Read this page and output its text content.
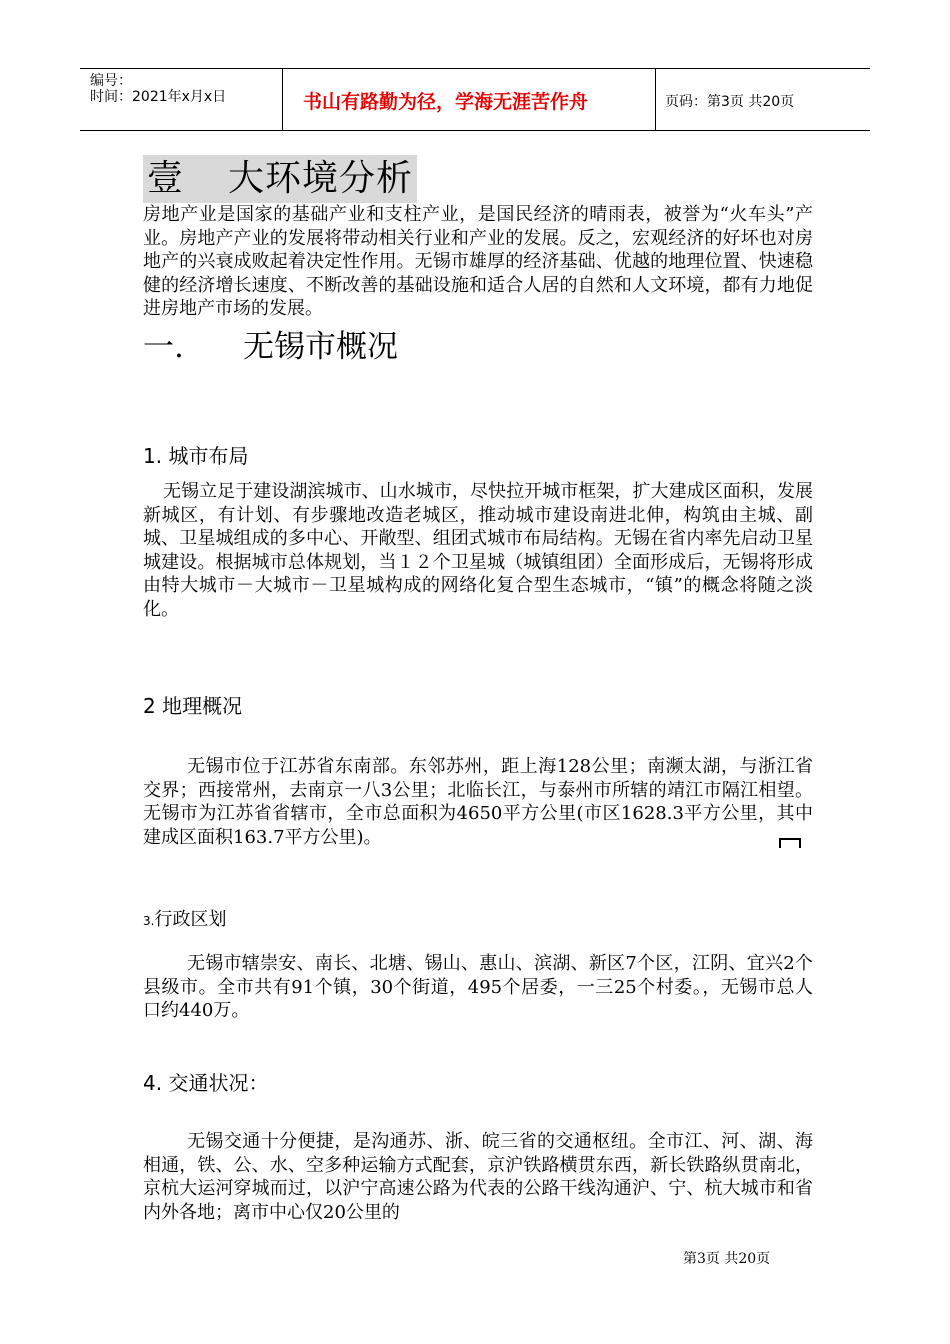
编号：
时间：2021年x月x日	书山有路勤为径，学海无涯苦作舟	页码：第3页 共20页
壹 大环境分析

房地产业是国家的基础产业和支柱产业，是国民经济的晴雨表，被誉为“火车头”产业。房地产产业的发展将带动相关行业和产业的发展。反之，宏观经济的好坏也对房地产的兴衰成败起着决定性作用。无锡市雄厚的经济基础、优越的地理位置、快速稳健的经济增长速度、不断改善的基础设施和适合人居的自然和人文环境，都有力地促进房地产市场的发展。

一. 无锡市概况
1. 城市布局

无锡立足于建设湖滨城市、山水城市，尽快拉开城市框架，扩大建成区面积，发展新城区，有计划、有步骤地改造老城区，推动城市建设南进北伸，构筑由主城、副城、卫星城组成的多中心、开敞型、组团式城市布局结构。无锡在省内率先启动卫星城建设。根据城市总体规划，当１２个卫星城（城镇组团）全面形成后，无锡将形成由特大城市－大城市－卫星城构成的网络化复合型生态城市，“镇”的概念将随之淡化。

2 地理概况

无锡市位于江苏省东南部。东邻苏州，距上海128公里；南濒太湖，与浙江省交界；西接常州，去南京一八3公里；北临长江，与泰州市所辖的靖江市隔江相望。无锡市为江苏省省辖市，全市总面积为4650平方公里(市区1628.3平方公里，其中建成区面积163.7平方公里)。

3.行政区划

无锡市辖崇安、南长、北塘、锡山、惠山、滨湖、新区7个区，江阴、宜兴2个县级市。全市共有91个镇，30个街道，495个居委，一三25个村委。，无锡市总人口约440万。

4. 交通状况：

无锡交通十分便捷，是沟通苏、浙、皖三省的交通枢纽。全市江、河、湖、海相通，铁、公、水、空多种运输方式配套，京沪铁路横贯东西，新长铁路纵贯南北，京杭大运河穿城而过，以沪宁高速公路为代表的公路干线沟通沪、宁、杭大城市和省内外各地；离市中心仅20公里的

第3页 共20页
